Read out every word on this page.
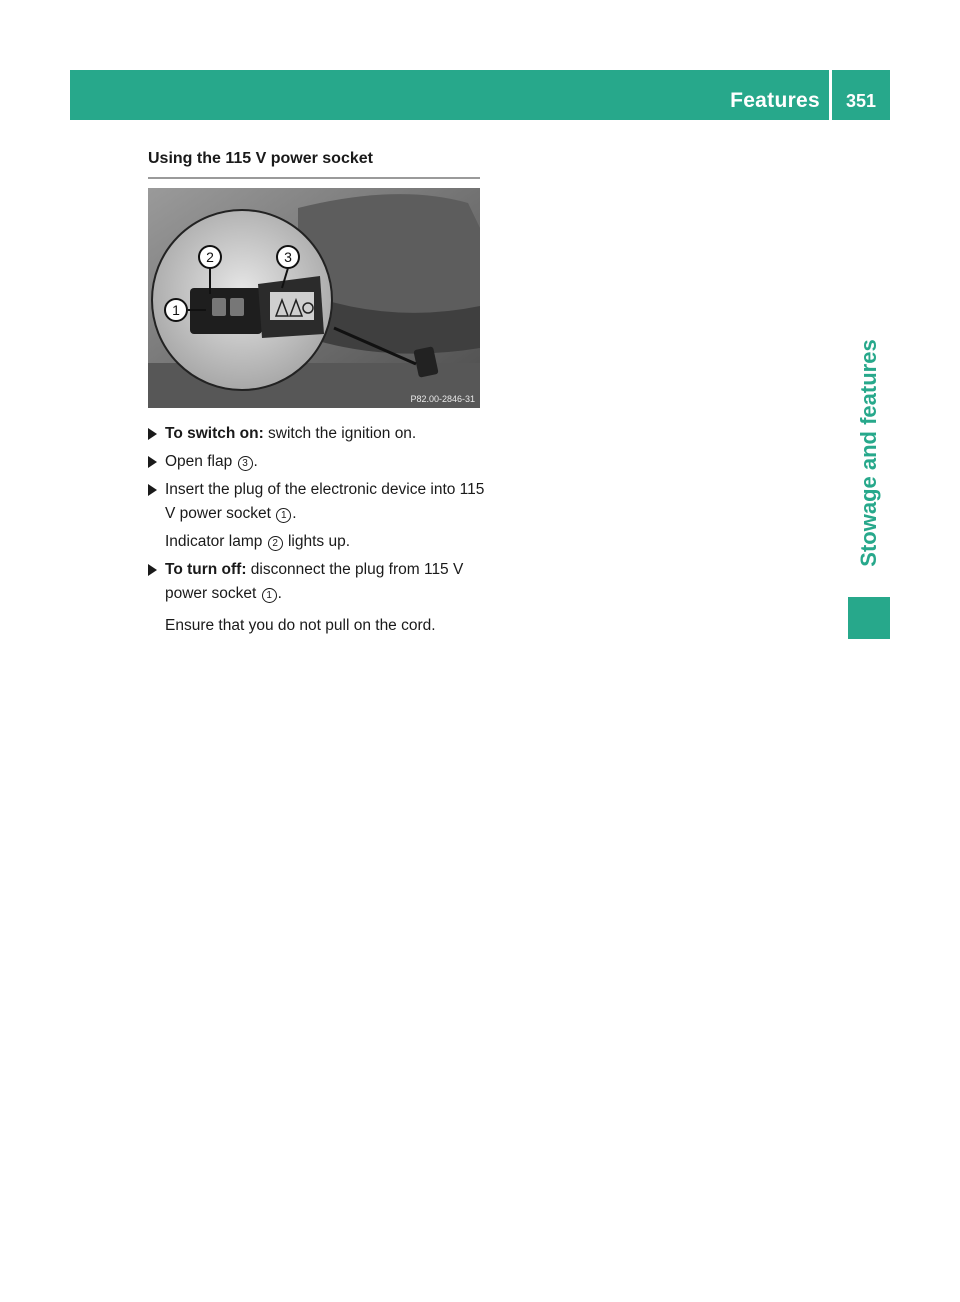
Features	351
Stowage and features
Using the 115 V power socket
1
2	3
P82.00-2846-31
To switch on: switch the ignition on.
Open flap 3 .
Insert the plug of the electronic device into 115 V power socket 1 .
Indicator lamp 2 lights up.
To turn off: disconnect the plug from 115 V power socket 1 .
Ensure that you do not pull on the cord.
